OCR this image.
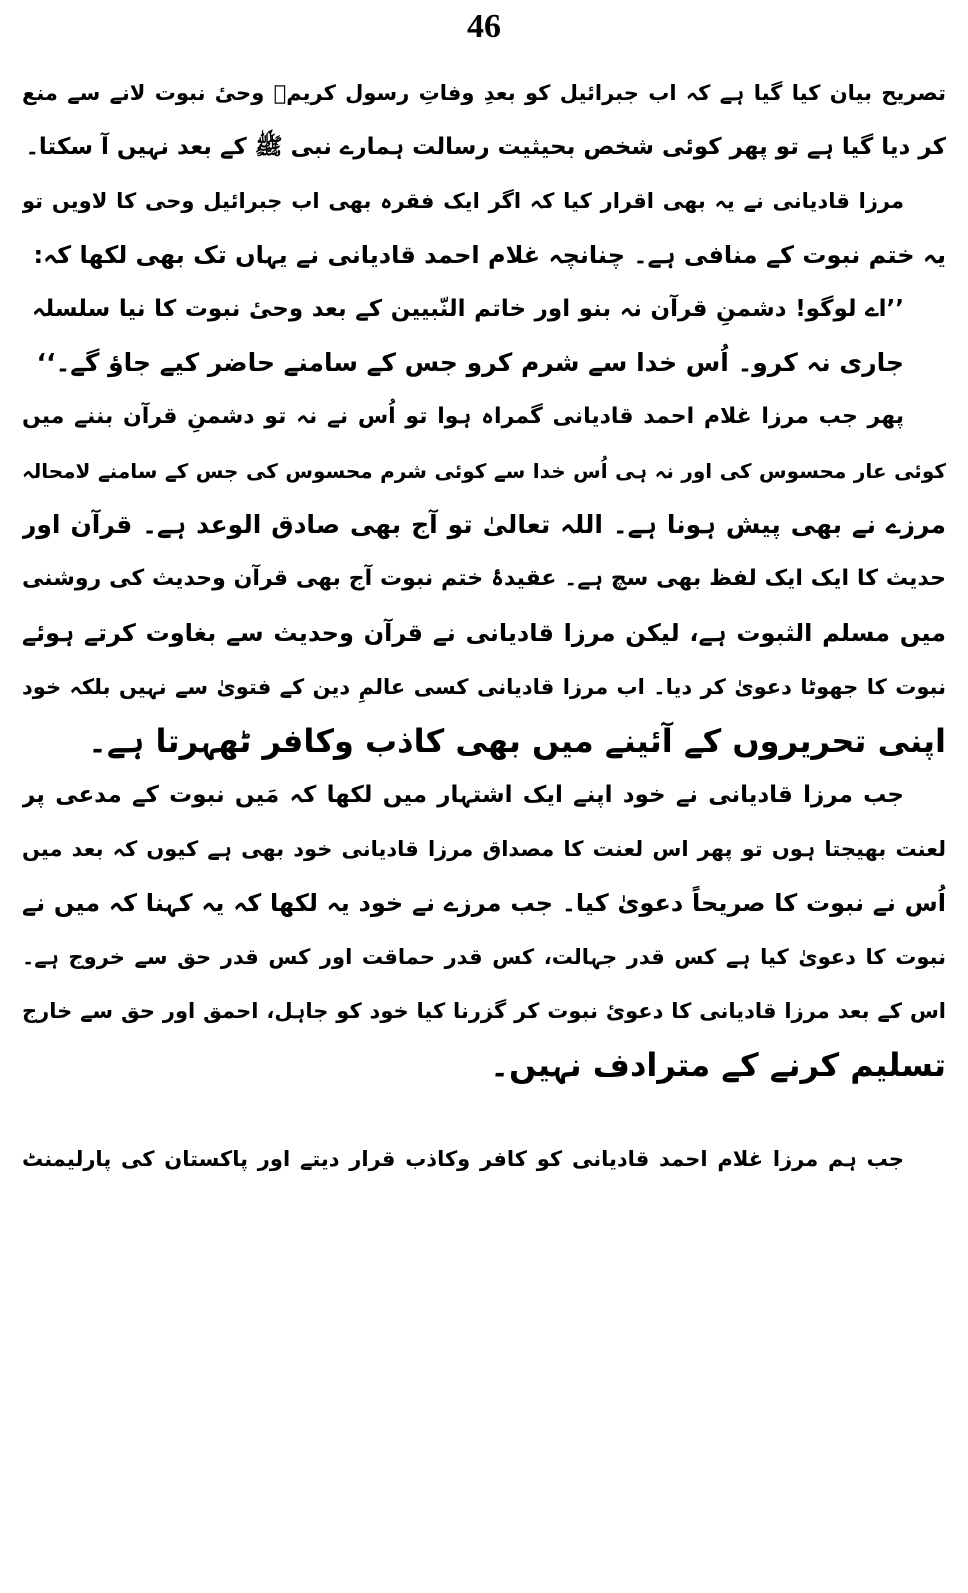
46
تصریح بیان کیا گیا ہے کہ اب جبرائیل کو بعدِ وفاتِ رسول کریمؐ وحیٔ نبوت لانے سے منع
کر دیا گیا ہے تو پھر کوئی شخص بحیثیت رسالت ہمارے نبی ﷺ کے بعد نہیں آ سکتا۔
مرزا قادیانی نے یہ بھی اقرار کیا کہ اگر ایک فقرہ بھی اب جبرائیل وحی کا لاویں تو
یہ ختم نبوت کے منافی ہے۔ چنانچہ غلام احمد قادیانی نے یہاں تک بھی لکھا کہ:
’’اے لوگو! دشمنِ قرآن نہ بنو اور خاتم النّبیین کے بعد وحیٔ نبوت کا نیا سلسلہ
جاری نہ کرو۔ اُس خدا سے شرم کرو جس کے سامنے حاضر کیے جاؤ گے۔‘‘
پھر جب مرزا غلام احمد قادیانی گمراہ ہوا تو اُس نے نہ تو دشمنِ قرآن بننے میں
کوئی عار محسوس کی اور نہ ہی اُس خدا سے کوئی شرم محسوس کی جس کے سامنے لامحالہ
مرزے نے بھی پیش ہونا ہے۔ اللہ تعالیٰ تو آج بھی صادق الوعد ہے۔ قرآن اور
حدیث کا ایک ایک لفظ بھی سچ ہے۔ عقیدۂ ختم نبوت آج بھی قرآن وحدیث کی روشنی
میں مسلم الثبوت ہے، لیکن مرزا قادیانی نے قرآن وحدیث سے بغاوت کرتے ہوئے
نبوت کا جھوٹا دعویٰ کر دیا۔ اب مرزا قادیانی کسی عالمِ دین کے فتویٰ سے نہیں بلکہ خود
اپنی تحریروں کے آئینے میں بھی کاذب وکافر ٹھہرتا ہے۔
جب مرزا قادیانی نے خود اپنے ایک اشتہار میں لکھا کہ مَیں نبوت کے مدعی پر
لعنت بھیجتا ہوں تو پھر اس لعنت کا مصداق مرزا قادیانی خود بھی ہے کیوں کہ بعد میں
اُس نے نبوت کا صریحاً دعویٰ کیا۔ جب مرزے نے خود یہ لکھا کہ یہ کہنا کہ میں نے
نبوت کا دعویٰ کیا ہے کس قدر جہالت، کس قدر حماقت اور کس قدر حق سے خروج ہے۔
اس کے بعد مرزا قادیانی کا دعویٔ نبوت کر گزرنا کیا خود کو جاہل، احمق اور حق سے خارج
تسلیم کرنے کے مترادف نہیں۔
جب ہم مرزا غلام احمد قادیانی کو کافر وکاذب قرار دیتے اور پاکستان کی پارلیمنٹ
